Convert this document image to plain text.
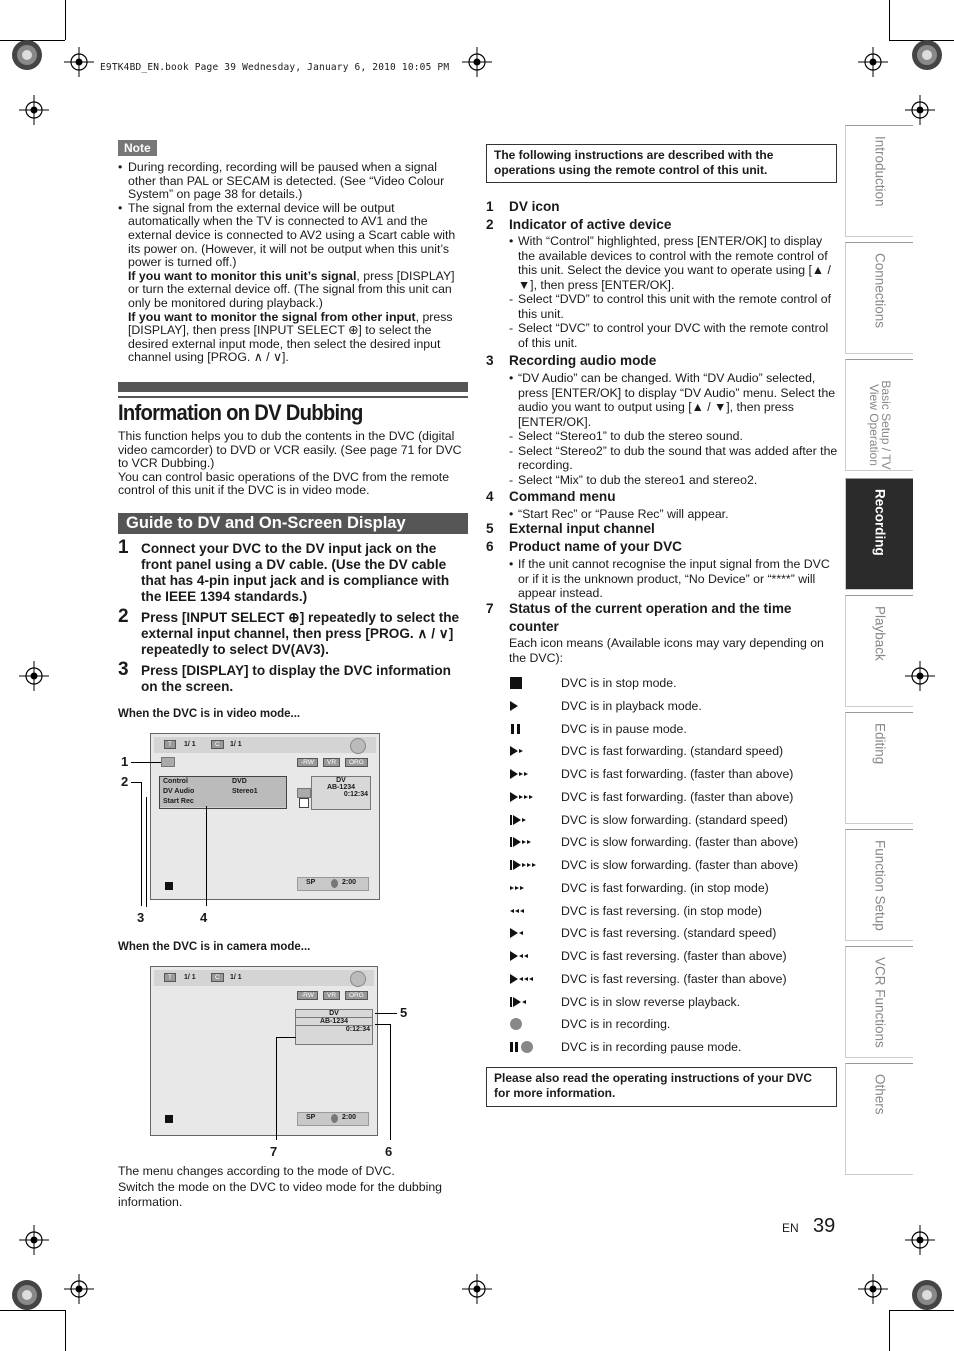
E9TK4BD_EN.book Page 39 Wednesday, January 6, 2010 10:05 PM
Note
• During recording, recording will be paused when a signal other than PAL or SECAM is detected. (See “Video Colour System” on page 38 for details.)

• The signal from the external device will be output automatically when the TV is connected to AV1 and the external device is connected to AV2 using a Scart cable with its power on. (However, it will not be output when this unit’s power is turned off.)

If you want to monitor this unit’s signal, press [DISPLAY] or turn the external device off. (The signal from this unit can only be monitored during playback.)

If you want to monitor the signal from other input, press [DISPLAY], then press [INPUT SELECT ⊕] to select the desired external input mode, then select the desired input channel using [PROG. ∧ / ∨].

Information on DV Dubbing
This function helps you to dub the contents in the DVC (digital video camcorder) to DVD or VCR easily. (See page 71 for DVC to VCR Dubbing.)
You can control basic operations of the DVC from the remote control of this unit if the DVC is in video mode.
Guide to DV and On-Screen Display
1 Connect your DVC to the DV input jack on the front panel using a DV cable. (Use the DV cable that has 4-pin input jack and is compliance with the IEEE 1394 standards.)
2 Press [INPUT SELECT ⊕] repeatedly to select the external input channel, then press [PROG. ∧ / ∨] repeatedly to select DV(AV3).
3 Press [DISPLAY] to display the DVC information on the screen.
When the DVC is in video mode...
T	1/ 1	C	1/ 1
-RW	VR	ORG
Control	DVD
DV Audio	Stereo1
Start Rec
DV
AB-1234
0:12:34
SP	2:00
1
2
3	4
When the DVC is in camera mode...
T	1/ 1	C	1/ 1
-RW	VR	ORG
DV
AB-1234
0:12:34
SP	2:00
5
6
7
The menu changes according to the mode of DVC.
Switch the mode on the DVC to video mode for the dubbing information.
The following instructions are described with the operations using the remote control of this unit.
1 DV icon
2 Indicator of active device

• With “Control” highlighted, press [ENTER/OK] to display the available devices to control with the remote control of this unit. Select the device you want to operate using [▲ / ▼], then press [ENTER/OK].

- Select “DVD” to control this unit with the remote control of this unit.

- Select “DVC” to control your DVC with the remote control of this unit.

3 Recording audio mode

• “DV Audio” can be changed. With “DV Audio” selected, press [ENTER/OK] to display “DV Audio” menu. Select the audio you want to output using [▲ / ▼], then press [ENTER/OK].

- Select “Stereo1” to dub the stereo sound.

- Select “Stereo2” to dub the sound that was added after the recording.

- Select “Mix” to dub the stereo1 and stereo2.

4 Command menu

• “Start Rec” or “Pause Rec” will appear.

5 External input channel
6 Product name of your DVC

• If the unit cannot recognise the input signal from the DVC or if it is the unknown product, “No Device” or “****” will appear instead.

7	Status of the current operation and the time counter

Each icon means (Available icons may vary depending on the DVC):

DVC is in stop mode.
DVC is in playback mode.
DVC is in pause mode.
DVC is fast forwarding. (standard speed)
DVC is fast forwarding. (faster than above)
DVC is fast forwarding. (faster than above)
DVC is slow forwarding. (standard speed)
DVC is slow forwarding. (faster than above)
DVC is slow forwarding. (faster than above)
DVC is fast forwarding. (in stop mode)
DVC is fast reversing. (in stop mode)
DVC is fast reversing. (standard speed)
DVC is fast reversing. (faster than above)
DVC is fast reversing. (faster than above)
DVC is in slow reverse playback.
DVC is in recording.
DVC is in recording pause mode.
Please also read the operating instructions of your DVC for more information.
Introduction
Connections
Basic Setup / TV View Operation
Recording
Playback
Editing
Function Setup
VCR Functions
Others
EN 39
